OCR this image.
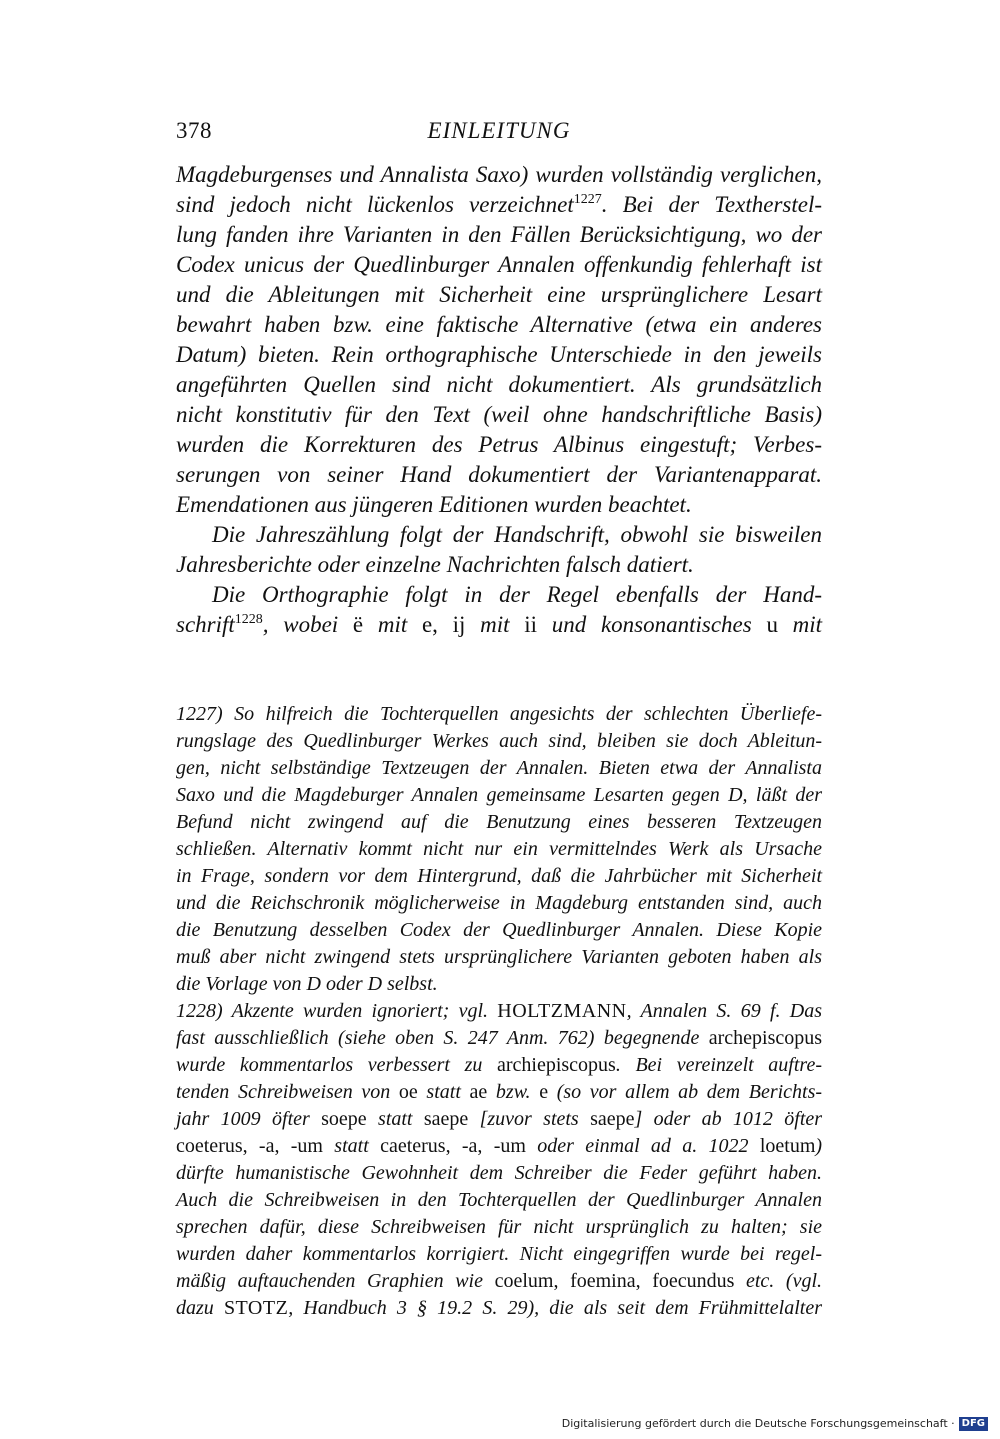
378	EINLEITUNG

Magdeburgenses und Annalista Saxo) wurden vollständig verglichen,
sind jedoch nicht lückenlos verzeichnet$^{1227}$. Bei der Textherstel-
lung fanden ihre Varianten in den Fällen Berücksichtigung, wo der
Codex unicus der Quedlinburger Annalen offenkundig fehlerhaft ist
und die Ableitungen mit Sicherheit eine ursprünglichere Lesart
bewahrt haben bzw. eine faktische Alternative (etwa ein anderes
Datum) bieten. Rein orthographische Unterschiede in den jeweils
angeführten Quellen sind nicht dokumentiert. Als grundsätzlich
nicht konstitutiv für den Text (weil ohne handschriftliche Basis)
wurden die Korrekturen des Petrus Albinus eingestuft; Verbes-
serungen von seiner Hand dokumentiert der Variantenapparat.
Emendationen aus jüngeren Editionen wurden beachtet.

Die Jahreszählung folgt der Handschrift, obwohl sie bisweilen
Jahresberichte oder einzelne Nachrichten falsch datiert.

Die Orthographie folgt in der Regel ebenfalls der Hand-
schrift$^{1228}$, wobei ë mit e, ij mit ii und konsonantisches u mit

1227) So hilfreich die Tochterquellen angesichts der schlechten Überliefe-
rungslage des Quedlinburger Werkes auch sind, bleiben sie doch Ableitun-
gen, nicht selbständige Textzeugen der Annalen. Bieten etwa der Annalista
Saxo und die Magdeburger Annalen gemeinsame Lesarten gegen D, läßt der
Befund nicht zwingend auf die Benutzung eines besseren Textzeugen
schließen. Alternativ kommt nicht nur ein vermittelndes Werk als Ursache
in Frage, sondern vor dem Hintergrund, daß die Jahrbücher mit Sicherheit
und die Reichschronik möglicherweise in Magdeburg entstanden sind, auch
die Benutzung desselben Codex der Quedlinburger Annalen. Diese Kopie
muß aber nicht zwingend stets ursprünglichere Varianten geboten haben als
die Vorlage von D oder D selbst.

1228) Akzente wurden ignoriert; vgl. HOLTZMANN, Annalen S. 69 f. Das
fast ausschließlich (siehe oben S. 247 Anm. 762) begegnende archepiscopus
wurde kommentarlos verbessert zu archiepiscopus. Bei vereinzelt auftre-
tenden Schreibweisen von oe statt ae bzw. e (so vor allem ab dem Berichts-
jahr 1009 öfter soepe statt saepe [zuvor stets saepe] oder ab 1012 öfter
coeterus, -a, -um statt caeterus, -a, -um oder einmal ad a. 1022 loetum)
dürfte humanistische Gewohnheit dem Schreiber die Feder geführt haben.
Auch die Schreibweisen in den Tochterquellen der Quedlinburger Annalen
sprechen dafür, diese Schreibweisen für nicht ursprünglich zu halten; sie
wurden daher kommentarlos korrigiert. Nicht eingegriffen wurde bei regel-
mäßig auftauchenden Graphien wie coelum, foemina, foecundus etc. (vgl.
dazu STOTZ, Handbuch 3 § 19.2 S. 29), die als seit dem Frühmittelalter

Digitalisierung gefördert durch die Deutsche Forschungsgemeinschaft · DFG
